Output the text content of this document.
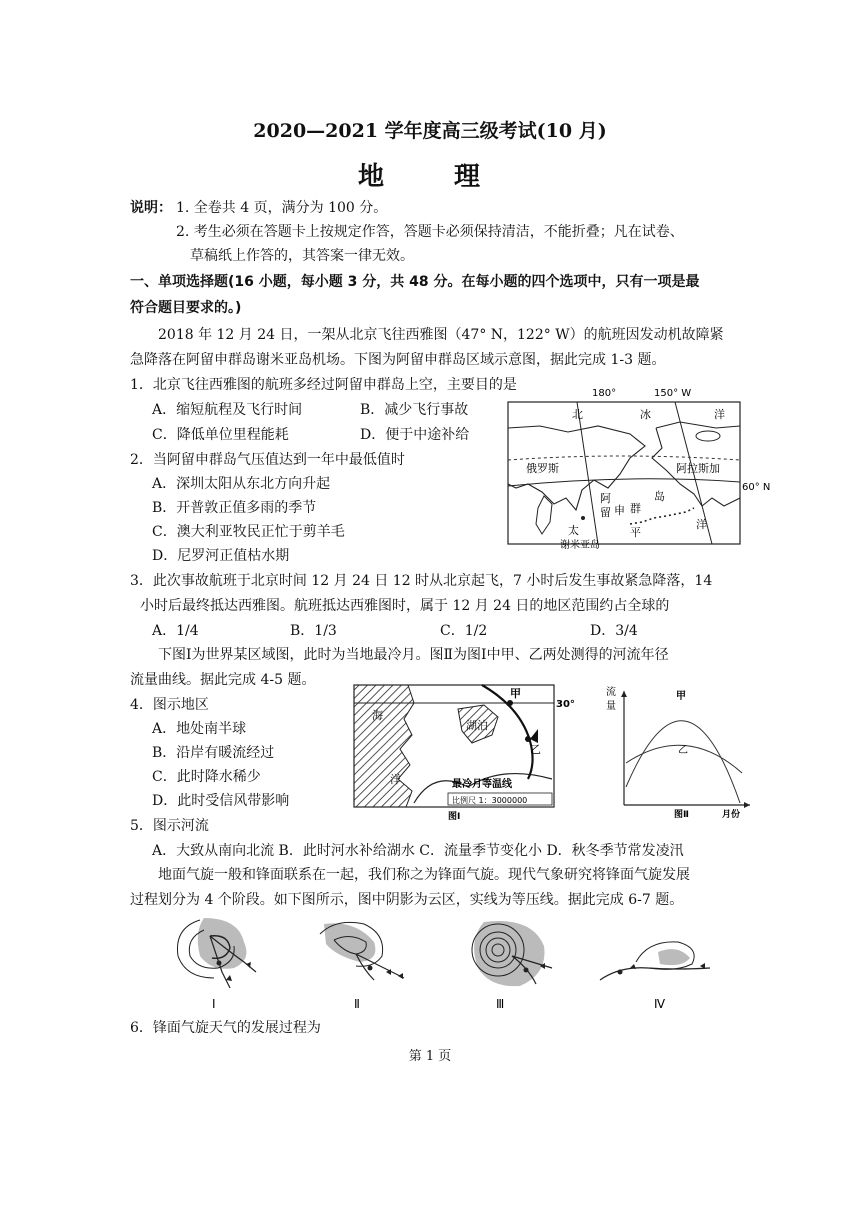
2020—2021 学年度高三级考试(10 月)
地　理
说明： 1. 全卷共 4 页，满分为 100 分。
2. 考生必须在答题卡上按规定作答，答题卡必须保持清洁，不能折叠；凡在试卷、
草稿纸上作答的，其答案一律无效。
一、单项选择题(16 小题，每小题 3 分，共 48 分。在每小题的四个选项中，只有一项是最
符合题目要求的。)
2018 年 12 月 24 日，一架从北京飞往西雅图（47° N，122° W）的航班因发动机故障紧
急降落在阿留申群岛谢米亚岛机场。下图为阿留申群岛区域示意图，据此完成 1-3 题。
1．北京飞往西雅图的航班多经过阿留申群岛上空，主要目的是
A．缩短航程及飞行时间	B．减少飞行事故
C．降低单位里程能耗	D．便于中途补给
2．当阿留申群岛气压值达到一年中最低值时
A．深圳太阳从东北方向升起
B．开普敦正值多雨的季节
C．澳大利亚牧民正忙于剪羊毛
D．尼罗河正值枯水期
180°	150° W
60° N
北	冰	洋
俄罗斯	阿拉斯加
阿
留 申 群
岛
太	平
洋
谢米亚岛
3．此次事故航班于北京时间 12 月 24 日 12 时从北京起飞，7 小时后发生事故紧急降落，14
小时后最终抵达西雅图。航班抵达西雅图时，属于 12 月 24 日的地区范围约占全球的
A．1/4	B．1/3	C．1/2	D．3/4
下图Ⅰ为世界某区域图，此时为当地最冷月。图Ⅱ为图Ⅰ中甲、乙两处测得的河流年径
流量曲线。据此完成 4-5 题。
4．图示地区
A．地处南半球
B．沿岸有暖流经过
C．此时降水稀少
D．此时受信风带影响
海
洋
湖泊
甲
乙
30°
最冷月等温线
比例尺 1：3000000
图Ⅰ
流
量
甲
乙
月份
图Ⅱ
5．图示河流
A．大致从南向北流 B．此时河水补给湖水 C．流量季节变化小 D．秋冬季节常发凌汛
地面气旋一般和锋面联系在一起，我们称之为锋面气旋。现代气象研究将锋面气旋发展
过程划分为 4 个阶段。如下图所示，图中阴影为云区，实线为等压线。据此完成 6-7 题。
Ⅰ	Ⅱ	Ⅲ	Ⅳ
6．锋面气旋天气的发展过程为
第 1 页
